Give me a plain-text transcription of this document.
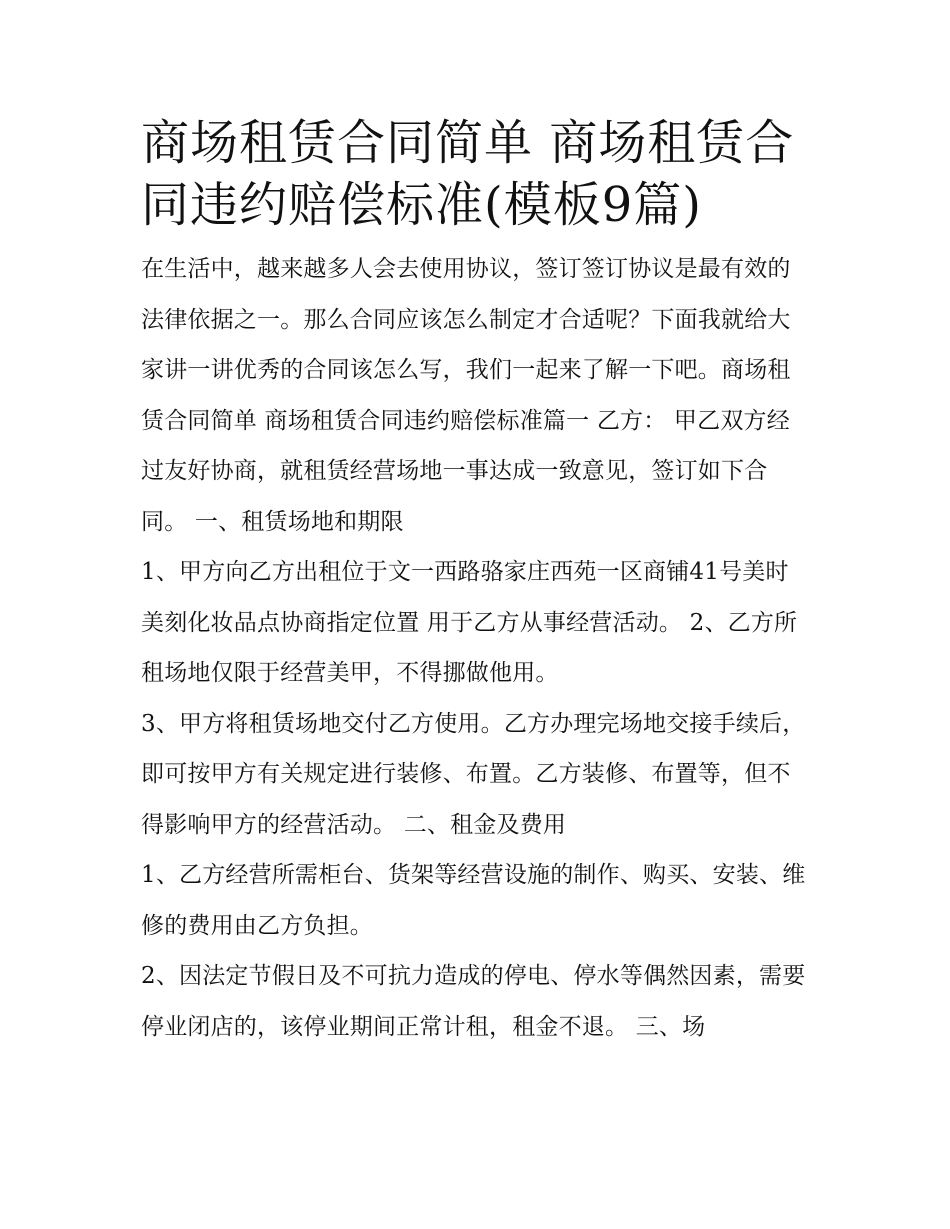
商场租赁合同简单 商场租赁合同违约赔偿标准(模板9篇)

在生活中，越来越多人会去使用协议，签订签订协议是最有效的法律依据之一。那么合同应该怎么制定才合适呢？下面我就给大家讲一讲优秀的合同该怎么写，我们一起来了解一下吧。商场租赁合同简单 商场租赁合同违约赔偿标准篇一 乙方： 甲乙双方经过友好协商，就租赁经营场地一事达成一致意见，签订如下合同。 一、租赁场地和期限

1、甲方向乙方出租位于文一西路骆家庄西苑一区商铺41号美时美刻化妆品点协商指定位置 用于乙方从事经营活动。 2、乙方所租场地仅限于经营美甲，不得挪做他用。

3、甲方将租赁场地交付乙方使用。乙方办理完场地交接手续后，即可按甲方有关规定进行装修、布置。乙方装修、布置等，但不得影响甲方的经营活动。 二、租金及费用

1、乙方经营所需柜台、货架等经营设施的制作、购买、安装、维修的费用由乙方负担。

2、因法定节假日及不可抗力造成的停电、停水等偶然因素，需要停业闭店的，该停业期间正常计租，租金不退。 三、场
